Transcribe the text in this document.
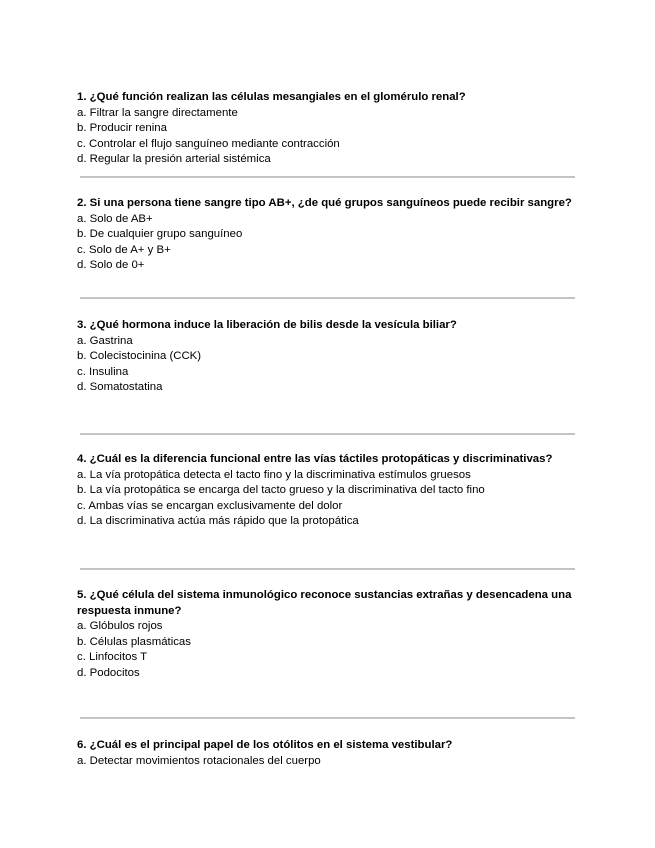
1. ¿Qué función realizan las células mesangiales en el glomérulo renal?

a. Filtrar la sangre directamente

b. Producir renina

c. Controlar el flujo sanguíneo mediante contracción

d. Regular la presión arterial sistémica

2. Si una persona tiene sangre tipo AB+, ¿de qué grupos sanguíneos puede recibir sangre?

a. Solo de AB+

b. De cualquier grupo sanguíneo

c. Solo de A+ y B+

d. Solo de 0+

3. ¿Qué hormona induce la liberación de bilis desde la vesícula biliar?

a. Gastrina

b. Colecistocinina (CCK)

c. Insulina

d. Somatostatina

4. ¿Cuál es la diferencia funcional entre las vías táctiles protopáticas y discriminativas?

a. La vía protopática detecta el tacto fino y la discriminativa estímulos gruesos

b. La vía protopática se encarga del tacto grueso y la discriminativa del tacto fino

c. Ambas vías se encargan exclusivamente del dolor

d. La discriminativa actúa más rápido que la protopática

5. ¿Qué célula del sistema inmunológico reconoce sustancias extrañas y desencadena una respuesta inmune?

a. Glóbulos rojos

b. Células plasmáticas

c. Linfocitos T

d. Podocitos

6. ¿Cuál es el principal papel de los otólitos en el sistema vestibular?

a. Detectar movimientos rotacionales del cuerpo
